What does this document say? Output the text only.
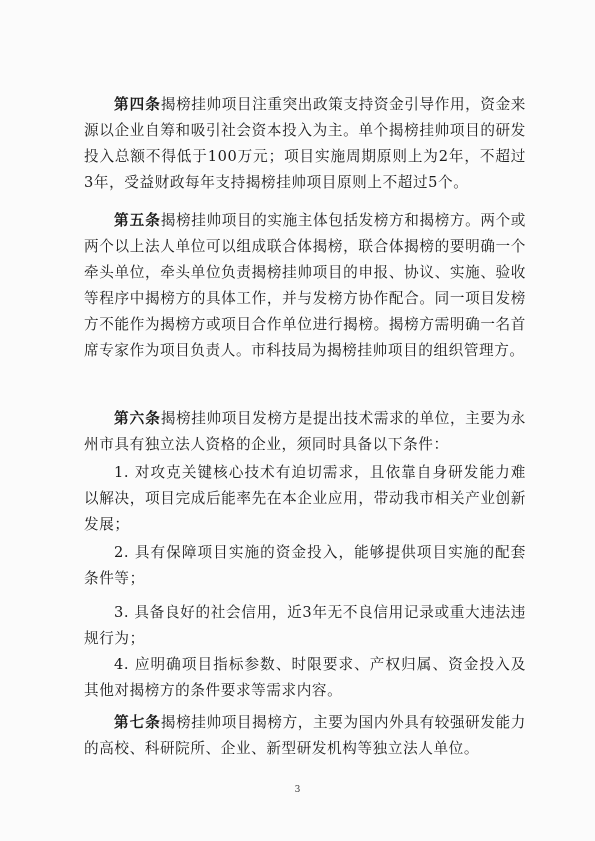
第四条揭榜挂帅项目注重突出政策支持资金引导作用，资金来源以企业自筹和吸引社会资本投入为主。单个揭榜挂帅项目的研发投入总额不得低于100万元；项目实施周期原则上为2年，不超过3年，受益财政每年支持揭榜挂帅项目原则上不超过5个。

第五条揭榜挂帅项目的实施主体包括发榜方和揭榜方。两个或两个以上法人单位可以组成联合体揭榜，联合体揭榜的要明确一个牵头单位，牵头单位负责揭榜挂帅项目的申报、协议、实施、验收等程序中揭榜方的具体工作，并与发榜方协作配合。同一项目发榜方不能作为揭榜方或项目合作单位进行揭榜。揭榜方需明确一名首席专家作为项目负责人。市科技局为揭榜挂帅项目的组织管理方。

第六条揭榜挂帅项目发榜方是提出技术需求的单位，主要为永州市具有独立法人资格的企业，须同时具备以下条件：

1. 对攻克关键核心技术有迫切需求，且依靠自身研发能力难以解决，项目完成后能率先在本企业应用，带动我市相关产业创新发展；

2. 具有保障项目实施的资金投入，能够提供项目实施的配套条件等；

3. 具备良好的社会信用，近3年无不良信用记录或重大违法违规行为；

4. 应明确项目指标参数、时限要求、产权归属、资金投入及其他对揭榜方的条件要求等需求内容。

第七条揭榜挂帅项目揭榜方，主要为国内外具有较强研发能力的高校、科研院所、企业、新型研发机构等独立法人单位。

3
